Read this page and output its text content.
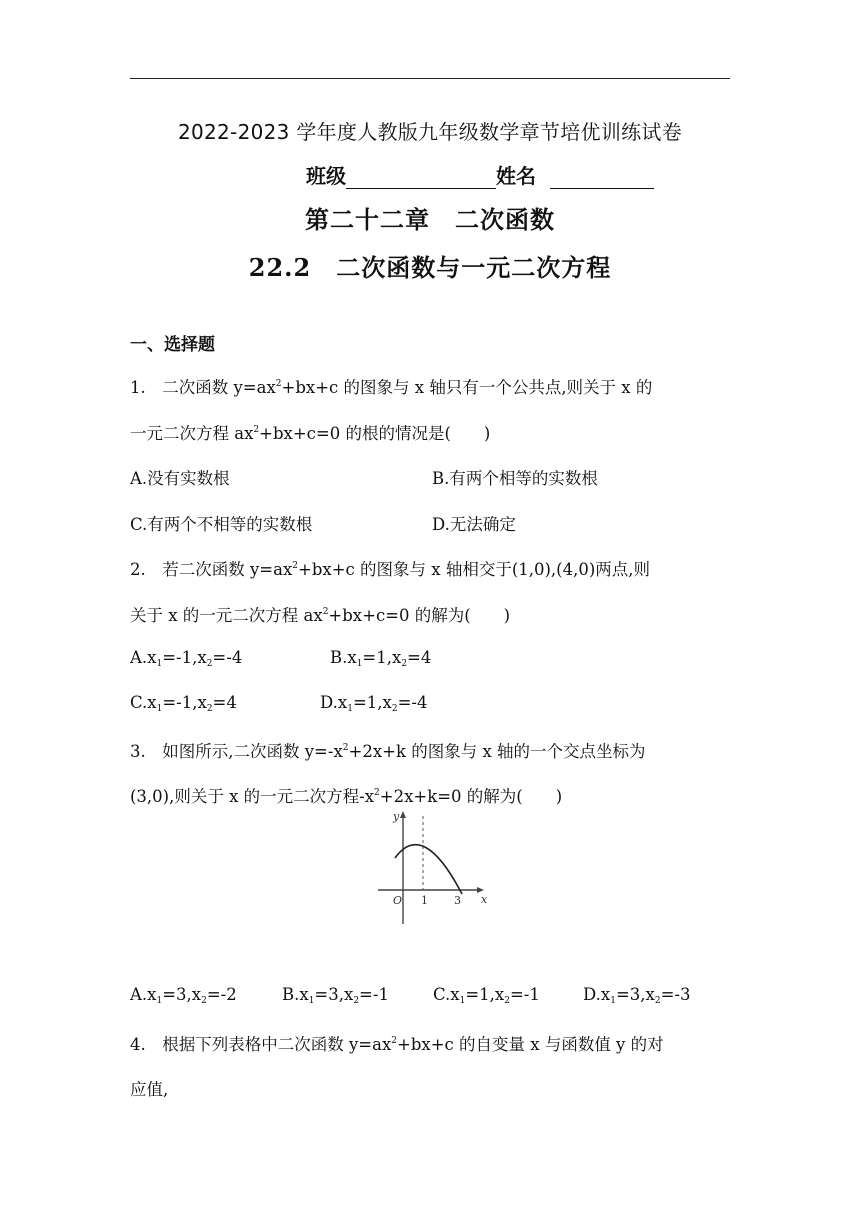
2022-2023 学年度人教版九年级数学章节培优训练试卷
班级	姓名
第二十二章　二次函数
22.2　二次函数与一元二次方程
一、选择题
1.　二次函数 $y=ax^2+bx+c$ 的图象与 x 轴只有一个公共点,则关于 x 的
一元二次方程 $ax^2+bx+c=0$ 的根的情况是(　　)
A.没有实数根	B.有两个相等的实数根
C.有两个不相等的实数根	D.无法确定
2.　若二次函数 $y=ax^2+bx+c$ 的图象与 x 轴相交于(1,0),(4,0)两点,则
关于 x 的一元二次方程 $ax^2+bx+c=0$ 的解为(　　)
$A.x_1=-1,x_2=-4$	$B.x_1=1,x_2=4$
$C.x_1=-1,x_2=4$	$D.x_1=1,x_2=-4$
3.　如图所示,二次函数 $y=-x^2+2x+k$ 的图象与 x 轴的一个交点坐标为
(3,0),则关于 x 的一元二次方程$-x^2+2x+k=0$ 的解为(　　)
y
x
O 1 3
$A.x_1=3,x_2=-2$	$B.x_1=3,x_2=-1$	$C.x_1=1,x_2=-1$	$D.x_1=3,x_2=-3$
4.　根据下列表格中二次函数 $y=ax^2+bx+c$ 的自变量 x 与函数值 y 的对
应值,
